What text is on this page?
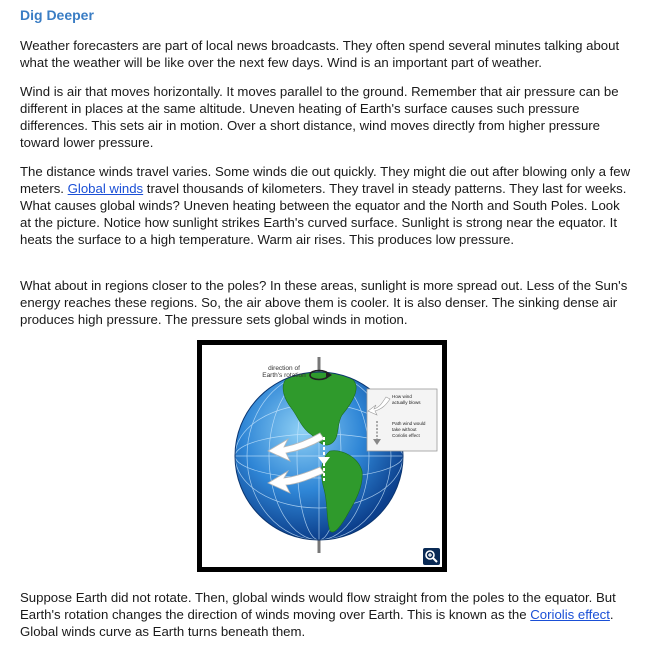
Dig Deeper

Weather forecasters are part of local news broadcasts. They often spend several minutes talking about what the weather will be like over the next few days. Wind is an important part of weather.

Wind is air that moves horizontally. It moves parallel to the ground. Remember that air pressure can be different in places at the same altitude. Uneven heating of Earth's surface causes such pressure differences. This sets air in motion. Over a short distance, wind moves directly from higher pressure toward lower pressure.

The distance winds travel varies. Some winds die out quickly. They might die out after blowing only a few meters. Global winds travel thousands of kilometers. They travel in steady patterns. They last for weeks. What causes global winds? Uneven heating between the equator and the North and South Poles. Look at the picture. Notice how sunlight strikes Earth's curved surface. Sunlight is strong near the equator. It heats the surface to a high temperature. Warm air rises. This produces low pressure.

What about in regions closer to the poles? In these areas, sunlight is more spread out. Less of the Sun's energy reaches these regions. So, the air above them is cooler. It is also denser. The sinking dense air produces high pressure. The pressure sets global winds in motion.

direction of
Earth's rotation
How wind
actually blows
Path wind would
take without
Coriolis effect

Suppose Earth did not rotate. Then, global winds would flow straight from the poles to the equator. But Earth's rotation changes the direction of winds moving over Earth. This is known as the Coriolis effect. Global winds curve as Earth turns beneath them.
